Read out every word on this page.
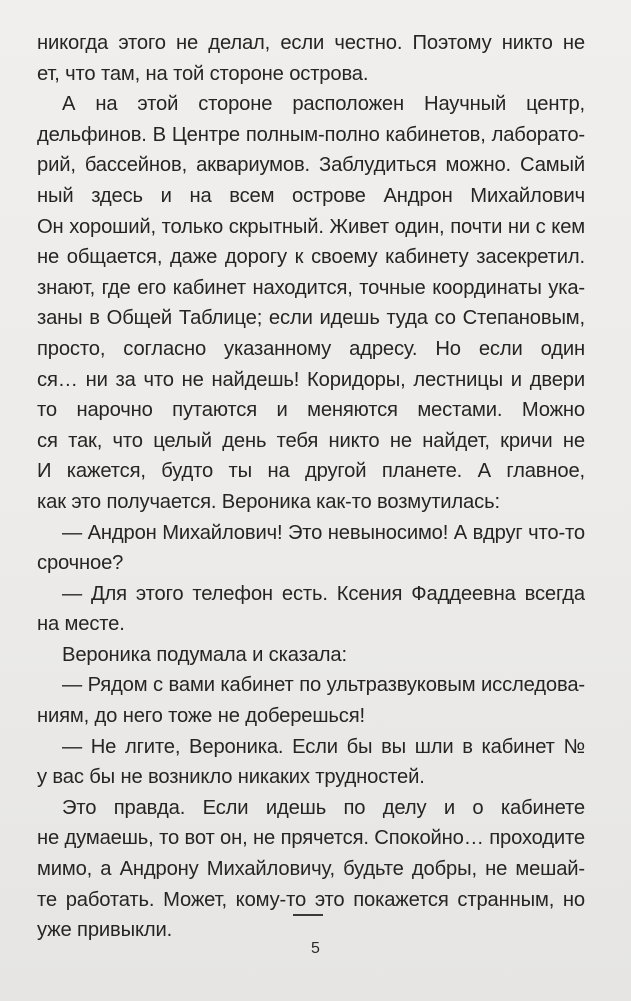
никогда этого не делал, если честно. Поэтому никто не
ет, что там, на той стороне острова.
А на этой стороне расположен Научный центр,
дельфинов. В Центре полным-полно кабинетов, лаборато-
рий, бассейнов, аквариумов. Заблудиться можно. Самый
ный здесь и на всем острове Андрон Михайлович
Он хороший, только скрытный. Живет один, почти ни с кем
не общается, даже дорогу к своему кабинету засекретил.
знают, где его кабинет находится, точные координаты ука-
заны в Общей Таблице; если идешь туда со Степановым,
просто, согласно указанному адресу. Но если один
ся… ни за что не найдешь! Коридоры, лестницы и двери
то нарочно путаются и меняются местами. Можно
ся так, что целый день тебя никто не найдет, кричи не
И кажется, будто ты на другой планете. А главное,
как это получается. Вероника как-то возмутилась:
— Андрон Михайлович! Это невыносимо! А вдруг что-то
срочное?
— Для этого телефон есть. Ксения Фаддеевна всегда
на месте.
Вероника подумала и сказала:
— Рядом с вами кабинет по ультразвуковым исследова-
ниям, до него тоже не доберешься!
— Не лгите, Вероника. Если бы вы шли в кабинет №
у вас бы не возникло никаких трудностей.
Это правда. Если идешь по делу и о кабинете
не думаешь, то вот он, не прячется. Спокойно… проходите
мимо, а Андрону Михайловичу, будьте добры, не мешай-
те работать. Может, кому-то это покажется странным, но
уже привыкли.
5
